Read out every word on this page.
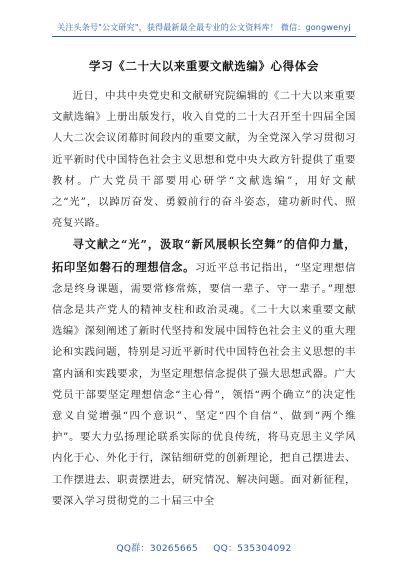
关注头条号"公文研究"，获得最新最全最专业的公文资料库！ 微信：gongwenyj
学习《二十大以来重要文献选编》心得体会

近日，中共中央党史和文献研究院编辑的《二十大以来重要文献选编》上册出版发行，收入自党的二十大召开至十四届全国人大二次会议闭幕时间段内的重要文献，为全党深入学习贯彻习近平新时代中国特色社会主义思想和党中央大政方针提供了重要教材。广大党员干部要用心研学“文献选编”，用好文献之“光”，以踔厉奋发、勇毅前行的奋斗姿态，建功新时代、照亮复兴路。

寻文献之“光”，汲取“新风展帜长空舞”的信仰力量，拓印坚如磐石的理想信念。习近平总书记指出，“坚定理想信念是终身课题，需要常修常炼，要信一辈子、守一辈子。”理想信念是共产党人的精神支柱和政治灵魂。《二十大以来重要文献选编》深刻阐述了新时代坚持和发展中国特色社会主义的重大理论和实践问题，特别是习近平新时代中国特色社会主义思想的丰富内涵和实践要求，为坚定理想信念提供了强大思想武器。广大党员干部要坚定理想信念“主心骨”，领悟“两个确立”的决定性意义自觉增强“四个意识”、坚定“四个自信”、做到“两个维护”。要大力弘扬理论联系实际的优良传统，将马克思主义学风内化于心、外化于行，深钻细研党的创新理论，把自己摆进去、工作摆进去、职责摆进去，研究情况、解决问题。面对新征程，要深入学习贯彻党的二十届三中全

QQ群：30265665 QQ：535304092
